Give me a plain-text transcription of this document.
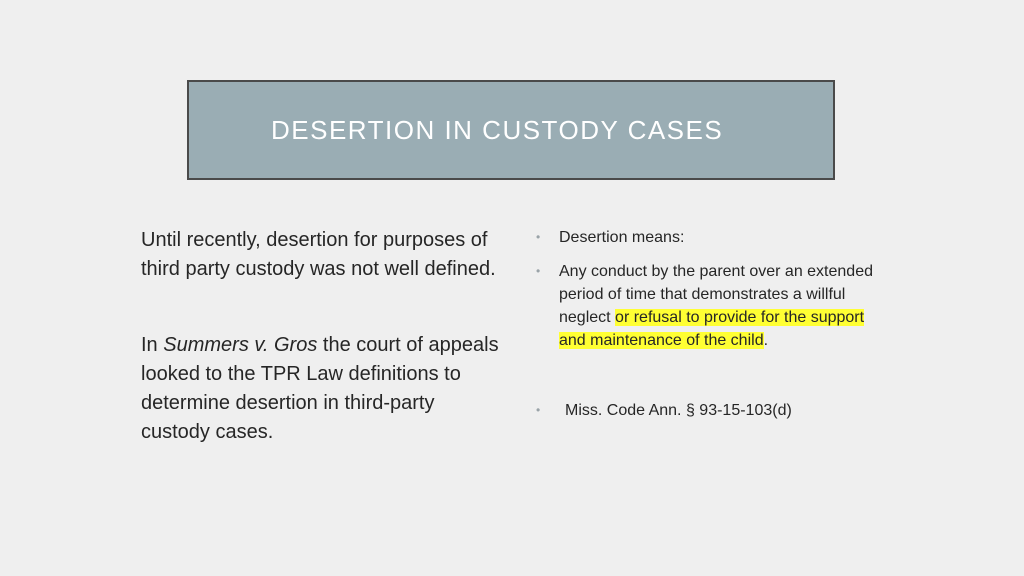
DESERTION IN CUSTODY CASES

Until recently, desertion for purposes of third party custody was not well defined.

In Summers v. Gros the court of appeals looked to the TPR Law definitions to determine desertion in third-party custody cases.

• Desertion means:
• Any conduct by the parent over an extended period of time that demonstrates a willful neglect or refusal to provide for the support and maintenance of the child.
• Miss. Code Ann. § 93-15-103(d)
